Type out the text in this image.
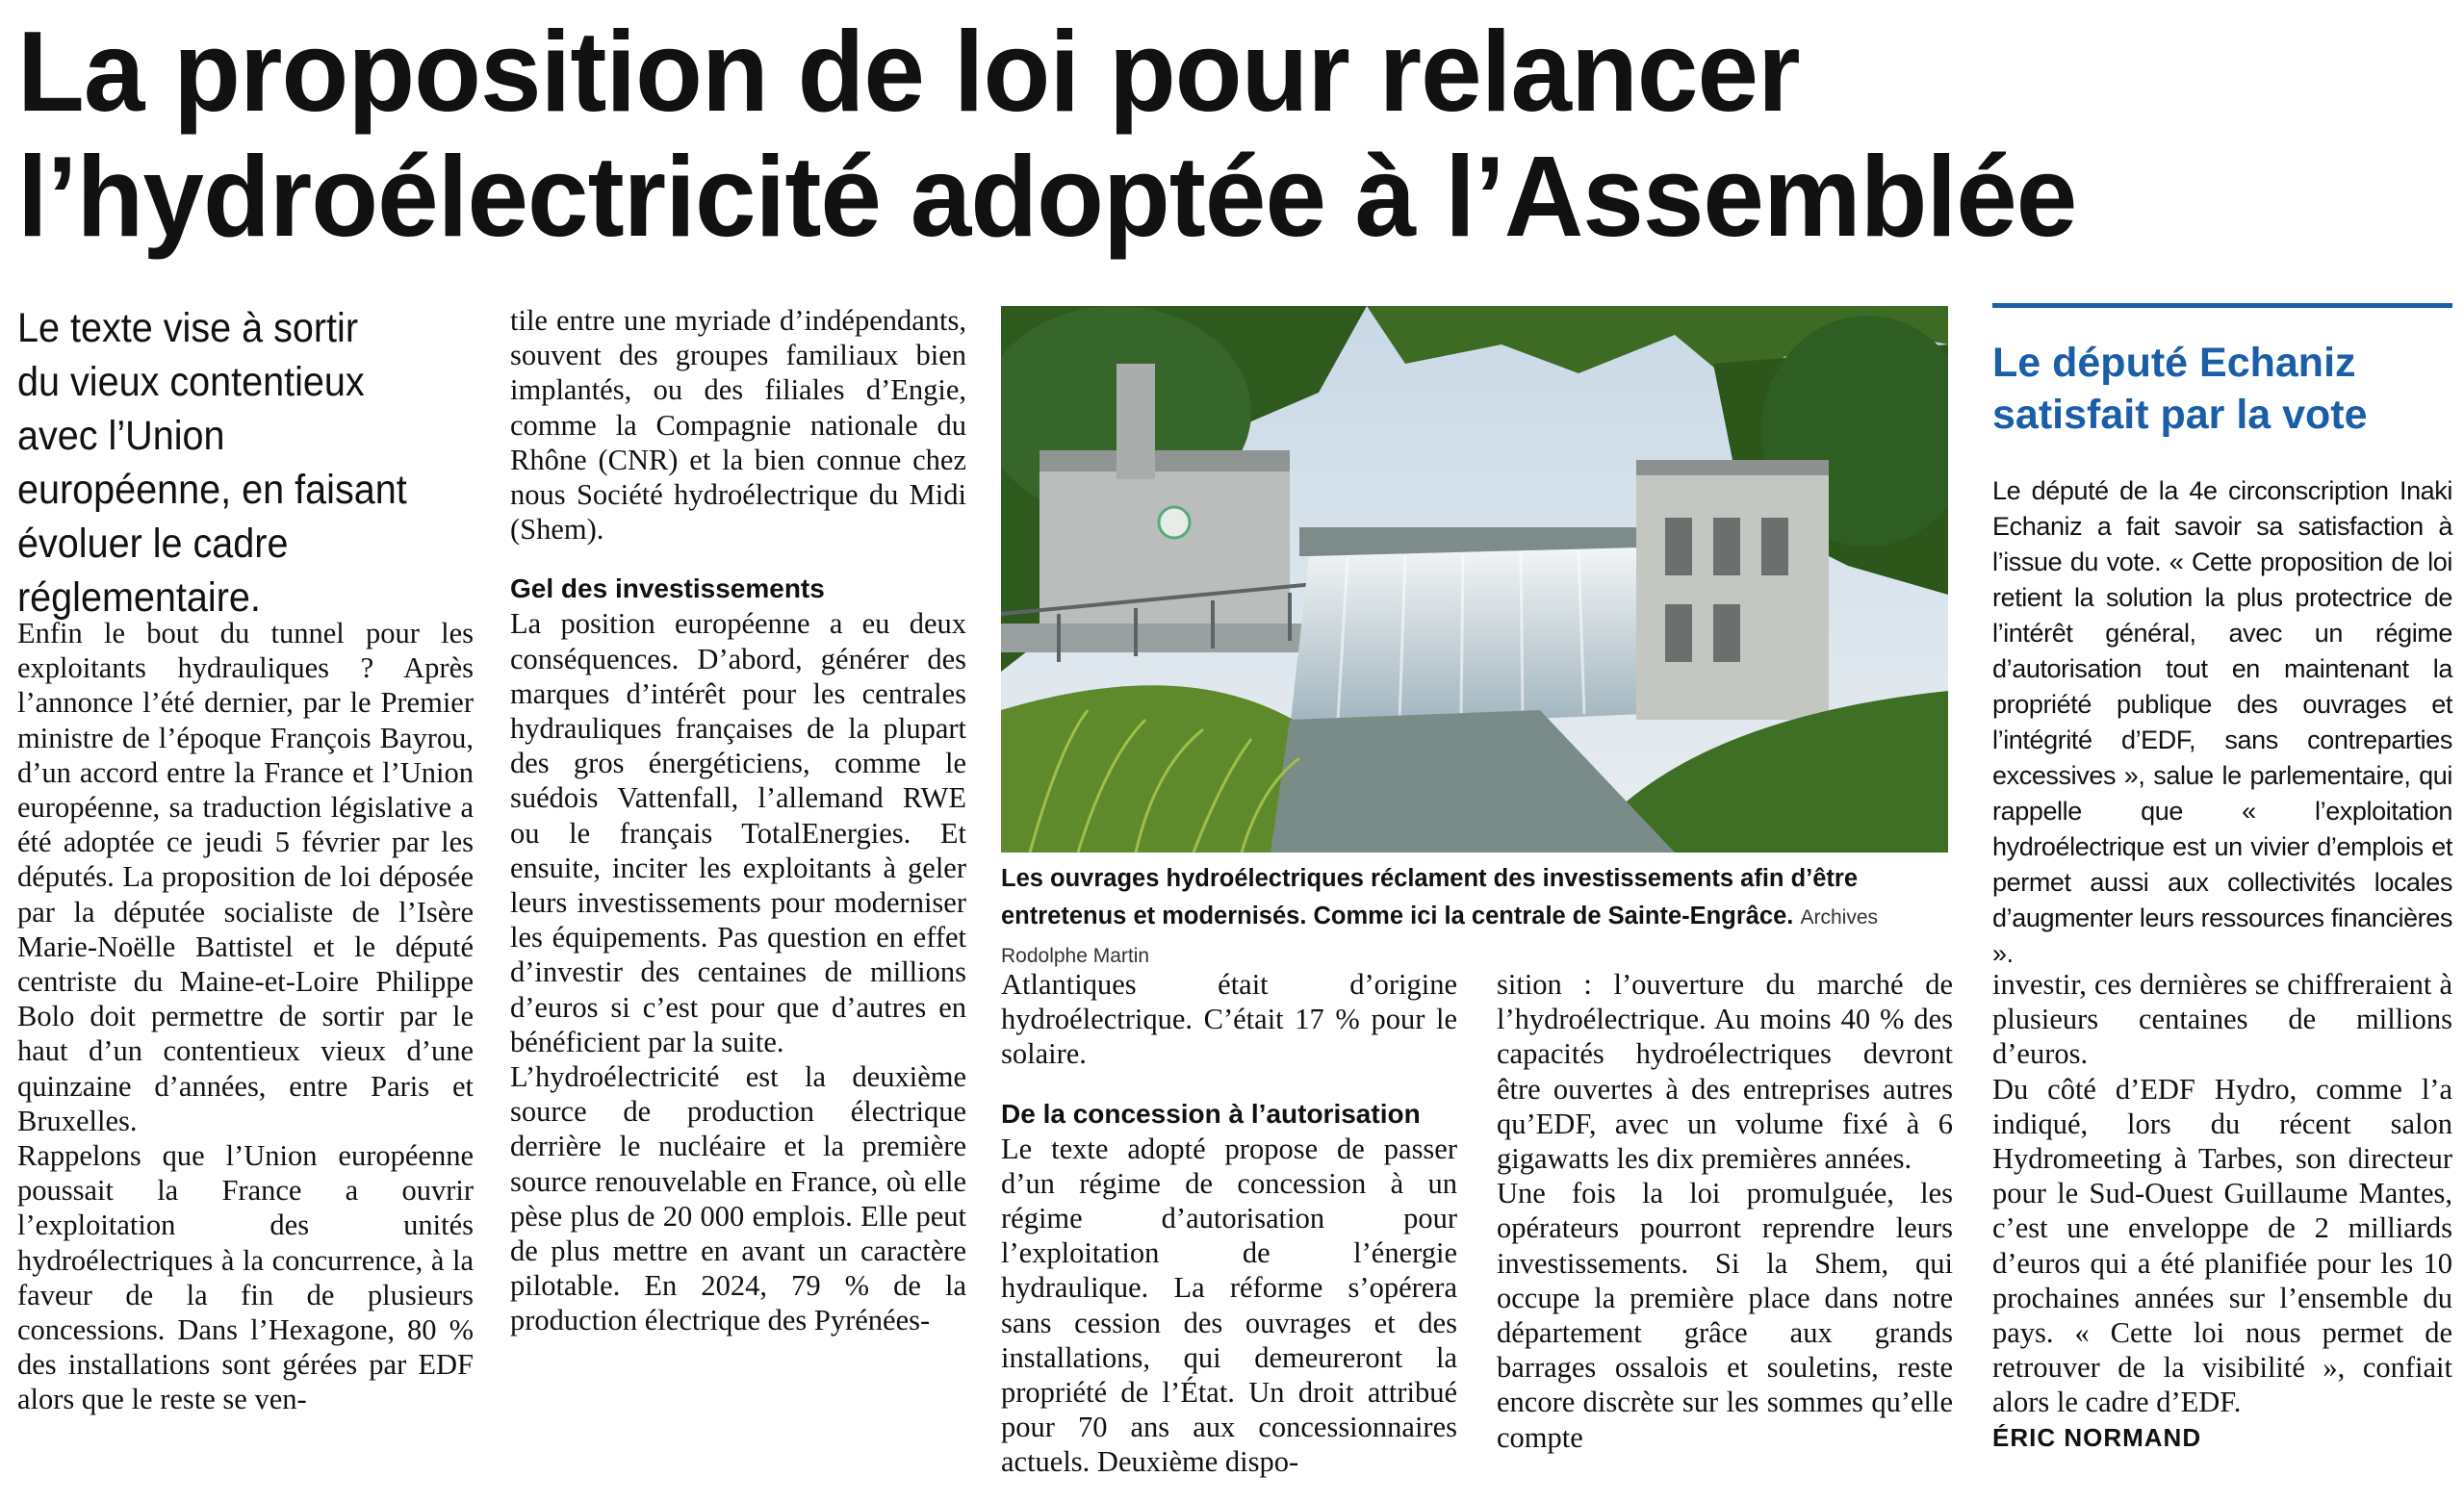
La proposition de loi pour relancer
l’hydroélectricité adoptée à l’Assemblée
Le texte vise à sortir du vieux contentieux avec l’Union européenne, en faisant évoluer le cadre réglementaire.

Enfin le bout du tunnel pour les exploitants hydrauliques ? Après l’annonce l’été dernier, par le Premier ministre de l’époque François Bayrou, d’un accord entre la France et l’Union européenne, sa traduction législative a été adoptée ce jeudi 5 février par les députés. La proposition de loi déposée par la députée socialiste de l’Isère Marie-Noëlle Battistel et le député centriste du Maine-et-Loire Philippe Bolo doit permettre de sortir par le haut d’un contentieux vieux d’une quinzaine d’années, entre Paris et Bruxelles.

Rappelons que l’Union européenne poussait la France a ouvrir l’exploitation des unités hydroélectriques à la concurrence, à la faveur de la fin de plusieurs concessions. Dans l’Hexagone, 80 % des installations sont gérées par EDF alors que le reste se ven-

tile entre une myriade d’indépendants, souvent des groupes familiaux bien implantés, ou des filiales d’Engie, comme la Compagnie nationale du Rhône (CNR) et la bien connue chez nous Société hydroélectrique du Midi (Shem).

Gel des investissements

La position européenne a eu deux conséquences. D’abord, générer des marques d’intérêt pour les centrales hydrauliques françaises de la plupart des gros énergéticiens, comme le suédois Vattenfall, l’allemand RWE ou le français TotalEnergies. Et ensuite, inciter les exploitants à geler leurs investissements pour moderniser les équipements. Pas question en effet d’investir des centaines de millions d’euros si c’est pour que d’autres en bénéficient par la suite.

L’hydroélectricité est la deuxième source de production électrique derrière le nucléaire et la première source renouvelable en France, où elle pèse plus de 20 000 emplois. Elle peut de plus mettre en avant un caractère pilotable. En 2024, 79 % de la production électrique des Pyrénées-

Les ouvrages hydroélectriques réclament des investissements afin d’être entretenus et modernisés. Comme ici la centrale de Sainte-Engrâce. Archives Rodolphe Martin

Atlantiques était d’origine hydroélectrique. C’était 17 % pour le solaire.

De la concession à l’autorisation

Le texte adopté propose de passer d’un régime de concession à un régime d’autorisation pour l’exploitation de l’énergie hydraulique. La réforme s’opérera sans cession des ouvrages et des installations, qui demeureront la propriété de l’État. Un droit attribué pour 70 ans aux concessionnaires actuels. Deuxième dispo-

sition : l’ouverture du marché de l’hydroélectrique. Au moins 40 % des capacités hydroélectriques devront être ouvertes à des entreprises autres qu’EDF, avec un volume fixé à 6 gigawatts les dix premières années.

Une fois la loi promulguée, les opérateurs pourront reprendre leurs investissements. Si la Shem, qui occupe la première place dans notre département grâce aux grands barrages ossalois et souletins, reste encore discrète sur les sommes qu’elle compte

Le député Echaniz satisfait par la vote
Le député de la 4e circonscription Inaki Echaniz a fait savoir sa satisfaction à l’issue du vote. « Cette proposition de loi retient la solution la plus protectrice de l’intérêt général, avec un régime d’autorisation tout en maintenant la propriété publique des ouvrages et l’intégrité d’EDF, sans contreparties excessives », salue le parlementaire, qui rappelle que « l’exploitation hydroélectrique est un vivier d’emplois et permet aussi aux collectivités locales d’augmenter leurs ressources financières ».

investir, ces dernières se chiffreraient à plusieurs centaines de millions d’euros.

Du côté d’EDF Hydro, comme l’a indiqué, lors du récent salon Hydromeeting à Tarbes, son directeur pour le Sud-Ouest Guillaume Mantes, c’est une enveloppe de 2 milliards d’euros qui a été planifiée pour les 10 prochaines années sur l’ensemble du pays. « Cette loi nous permet de retrouver de la visibilité », confiait alors le cadre d’EDF.

ÉRIC NORMAND
